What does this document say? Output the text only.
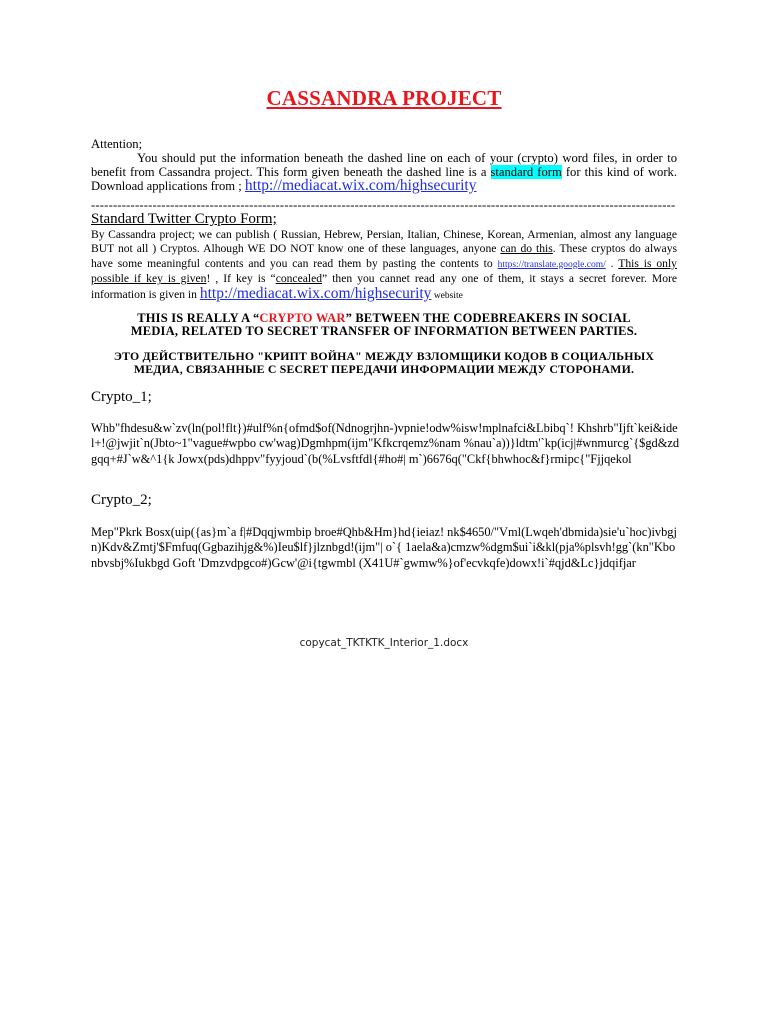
CASSANDRA PROJECT
Attention;
You should put the information beneath the dashed line on each of your (crypto) word files, in order to benefit from Cassandra project. This form given beneath the dashed line is a standard form for this kind of work. Download applications from ; http://mediacat.wix.com/highsecurity
-------------------------------------------------------------------------------------------------------------------------------------
Standard Twitter Crypto Form;
By Cassandra project; we can publish ( Russian, Hebrew, Persian, Italian, Chinese, Korean, Armenian, almost any language BUT not all ) Cryptos. Alhough WE DO NOT know one of these languages, anyone can do this. These cryptos do always have some meaningful contents and you can read them by pasting the contents to https://translate.google.com/ . This is only possible if key is given! , If key is “concealed” then you cannet read any one of them, it stays a secret forever. More information is given in http://mediacat.wix.com/highsecurity website
THIS IS REALLY A “CRYPTO WAR” BETWEEN THE CODEBREAKERS IN SOCIAL
MEDIA, RELATED TO SECRET TRANSFER OF INFORMATION BETWEEN PARTIES.
ЭТО ДЕЙСТВИТЕЛЬНО "КРИПТ ВОЙНА" МЕЖДУ ВЗЛОМЩИКИ КОДОВ В СОЦИАЛЬНЫХ
МЕДИА, СВЯЗАННЫЕ С SECRET ПЕРЕДАЧИ ИНФОРМАЦИИ МЕЖДУ СТОРОНАМИ.
Crypto_1;
Whb"fhdesu&w`zv(ln(pol!flt})#ulf%n{ofmd$of(Ndnogrjhn-)vpnie!odw%isw!mplnafci&Lbibq`! Khshrb"Ijft`kei&idel+!@jwjit`n(Jbto~1"vague#wpbo cw'wag)Dgmhpm(ijm"Kfkcrqemz%nam %nau`a))}ldtm'`kp(icj|#wnmurcg`{$gd&zdgqq+#J`w&^1{k Jowx(pds)dhppv"fyyjoud`(b(%Lvsftfdl{#ho#| m`)6676q("Ckf{bhwhoc&f}rmipc{"Fjjqekol
Crypto_2;
Mep"Pkrk Bosx(uip({as}m`a f|#Dqqjwmbip broe#Qhb&Hm}hd{ieiaz! nk$4650/"Vml(Lwqeh'dbmida)sie'u`hoc)ivbgjn)Kdv&Zmtj'$Fmfuq(Ggbazihjg&%)Ieu$lf}jlznbgd!(ijm"| o`{ 1aela&a)cmzw%dgm$ui`i&kl(pja%plsvh!gg`(kn"Kbonbvsbj%Iukbgd Goft 'Dmzvdpgco#)Gcw'@i{tgwmbl (X41U#`gwmw%}of'ecvkqfe)dowx!i`#qjd&Lc}jdqifjar
copycat_TKTKTK_Interior_1.docx
